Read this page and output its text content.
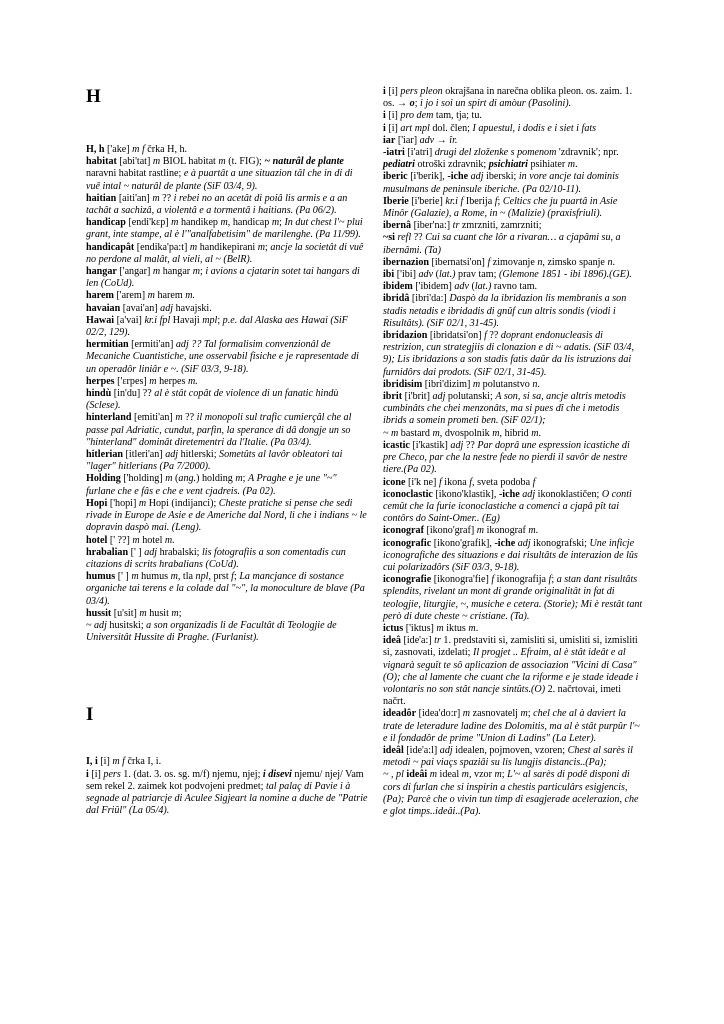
H
H, h ['ake] m f črka H, h.
habitat [abi'tat] m BIOL habitat m (t. FIG); ~ naturâl de plante naravni habitat rastline; e à puartât a une situazion tâl che in di di vuê intal ~ naturâl de plante (SiF 03/4, 9).
haitian [aiti'an] m ?? i rebei no an acetât di poiâ lis armis e a an tachât a sachizâ, a violentâ e a tormentâ i haitians. (Pa 06/2).
handicap [endi'kɛp] m handikep m, handicap m; In dut chest l'~ plui grant, inte stampe, al è l'"analfabetisim" de marilenghe. (Pa 11/99).
handicapât [endika'pa:t] m handikepirani m; ancje la societât di vuê no perdone al malât, al vieli, al ~ (BelR).
hangar ['angar] m hangar m; i avions a cjatarin sotet tai hangars di len (CoUd).
harem ['arem] m harem m.
havaian [avai'an] adj havajski.
Hawai [a'vai] kr.i fpl Havaji mpl; p.e. dal Alaska aes Hawai (SiF 02/2, 129).
hermitian [ermiti'an] adj ?? Tal formalisim convenzionâl de Mecaniche Cuantistiche, une osservabil fisiche e je rapresentade di un operadôr liniâr e ~. (SiF 03/3, 9-18).
herpes ['ɛrpes] m herpes m.
hindù [in'du] ?? al è stât copât de violence di un fanatic hindù (Sclese).
hinterland [emiti'an] m ?? il monopoli sul trafic cumierçâl che al passe pal Adriatic, cundut, parfin, la sperance di dâ dongje un so "hinterland" dominât diretementri da l'Italie. (Pa 03/4).
hitlerian [itleri'an] adj hitlerski; Sometûts al lavôr obleatori tai "lager" hitlerians (Pa 7/2000).
Holding ['holding] m (ang.) holding m; A Praghe e je une "~" furlane che e fâs e che e vent cjadreis. (Pa 02).
Hopi ['hopi] m Hopi (indijanci); Cheste pratiche si pense che sedi rivade in Europe de Asie e de Americhe dal Nord, li che i indians ~ le dopravin daspò mai. (Leng).
hotel [' ??] m hotel m.
hrabalian [' ] adj hrabalski; lis fotografiis a son comentadis cun citazions di scrits hrabalians (CoUd).
humus [' ] m humus m, tla npl, prst f; La mancjance di sostance organiche tai terens e la colade dal "~", la monoculture de blave (Pa 03/4).
hussit [u'sit] m husit m;
~ adj husitski; a son organizadis li de Facultât di Teologjie de Universitât Hussite di Praghe. (Furlanist).
I
I, i [i] m f črka I, i.
i [i] pers 1. (dat. 3. os. sg. m/f) njemu, njej; i disevi njemu/ njej/ Vam sem rekel 2. zaimek kot podvojeni predmet; tal palaç di Pavie i à segnade al patriarcje di Aculee Sigjeart la nomine a duche de "Patrie dal Friûl" (La 05/4).
i [i] pers pleon okrajšana in narečna oblika pleon. os. zaim. 1. os. → o; i jo i soi un spirt di amòur (Pasolini).
i [i] pro dem tam, tja; tu.
i [i] art mpl dol. člen; I apuestul, i dodis e i siet i fats
iar ['iar] adv → îr.
-iatri [i'atri] drugi del zloženke s pomenom 'zdravnik'; npr. pediatri otroški zdravnik; psichiatri psihiater m.
iberic [i'berik], -iche adj iberski; in vore ancje tai dominis musulmans de peninsule iberiche. (Pa 02/10-11).
Iberie [i'berie] kr.i f Iberija f; Celtics che ju puartâ in Asie Minôr (Galazie), a Rome, in ~ (Malizie) (praxisfriuli).
ibernâ [iber'na:] tr zmrzniti, zamrzniti;
~si refl ?? Cui sa cuant che lôr a rivaran… a cjapâmi su, a ibernâmi. (Ta)
ibernazion [ibernatsi'on] f zimovanje n, zimsko spanje n.
ibi ['ibi] adv (lat.) prav tam; (Glemone 1851 - ibi 1896).(GE).
ibidem ['ibidem] adv (lat.) ravno tam.
ibridâ [ibri'da:] Daspò da la ibridazion lis membranis a son stadis netadis e ibridadis di gnûf cun altris sondis (viodi i Risultâts). (SiF 02/1, 31-45).
ibridazion [ibridatsi'on] f ?? doprant endonucleasis di restrizion, cun strategjiis di clonazion e di ~ adatis. (SiF 03/4, 9); Lis ibridazions a son stadis fatis daûr da lis istruzions dai furnidôrs dai prodots. (SiF 02/1, 31-45).
ibridisim [ibri'dizim] m polutanstvo n.
ibrit [i'brit] adj polutanski; A son, si sa, ancje altris metodis cumbinâts che chei menzonâts, ma si pues dî che i metodis ibrids a somein prometi ben. (SiF 02/1);
~ m bastard m, dvospolnik m, hibrid m.
icastic [i'kastik] adj ?? Par doprâ une espression icastiche di pre Checo, par che la nestre fede no pierdi il savôr de nestre tiere.(Pa 02).
icone [i'k ne] f ikona f, sveta podoba f
iconoclastic [ikono'klastik], -iche adj ikonoklastičen; O conti cemût che la furie iconoclastiche a comenci a cjapâ pît tai contôrs do Saint-Omer.. (Eg)
iconograf [ikono'graf] m ikonograf m.
iconografic [ikono'grafik], -iche adj ikonografski; Une inficje iconografiche des situazions e dai risultâts de interazion de lûs cui polarizadôrs (SiF 03/3, 9-18).
iconografie [ikonogra'fie] f ikonografija f; a stan dant risultâts splendits, rivelant un mont di grande originalitât in fat di teologjie, liturgjie, ~, musiche e cetera. (Storie); Mi è restât tant però di dute cheste ~ cristiane. (Ta).
ictus ['iktus] m iktus m.
ideâ [ide'a:] tr 1. predstaviti si, zamisliti si, umisliti si, izmisliti si, zasnovati, izdelati; Il progjet .. Efraim, al è stât ideât e al vignarà seguît te sô aplicazion de associazion "Vicini di Casa"(O); che al lamente che cuant che la riforme e je stade ideade i volontaris no son stât nancje sintûts.(O) 2. načrtovai, imeti načrt.
ideadôr [idea'do:r] m zasnovatelj m; chel che al à daviert la trate de leteradure ladine des Dolomitis, ma al è stât purpûr l'~ e il fondadôr de prime "Union di Ladins" (La Leter).
ideâl [ide'a:l] adj idealen, pojmoven, vzoren; Chest al sarès il metodi ~ pai viaçs spaziâi su lis lungjis distancis..(Pa);
~ , pl ideâi m ideal m, vzor m; L'~ al sarès di podê disponi di cors di furlan che si inspirin a chestis particulârs esigjencis,(Pa); Parcè che o vivin tun timp di esagjerade acelerazion, che e glot timps..ideâi..(Pa).
